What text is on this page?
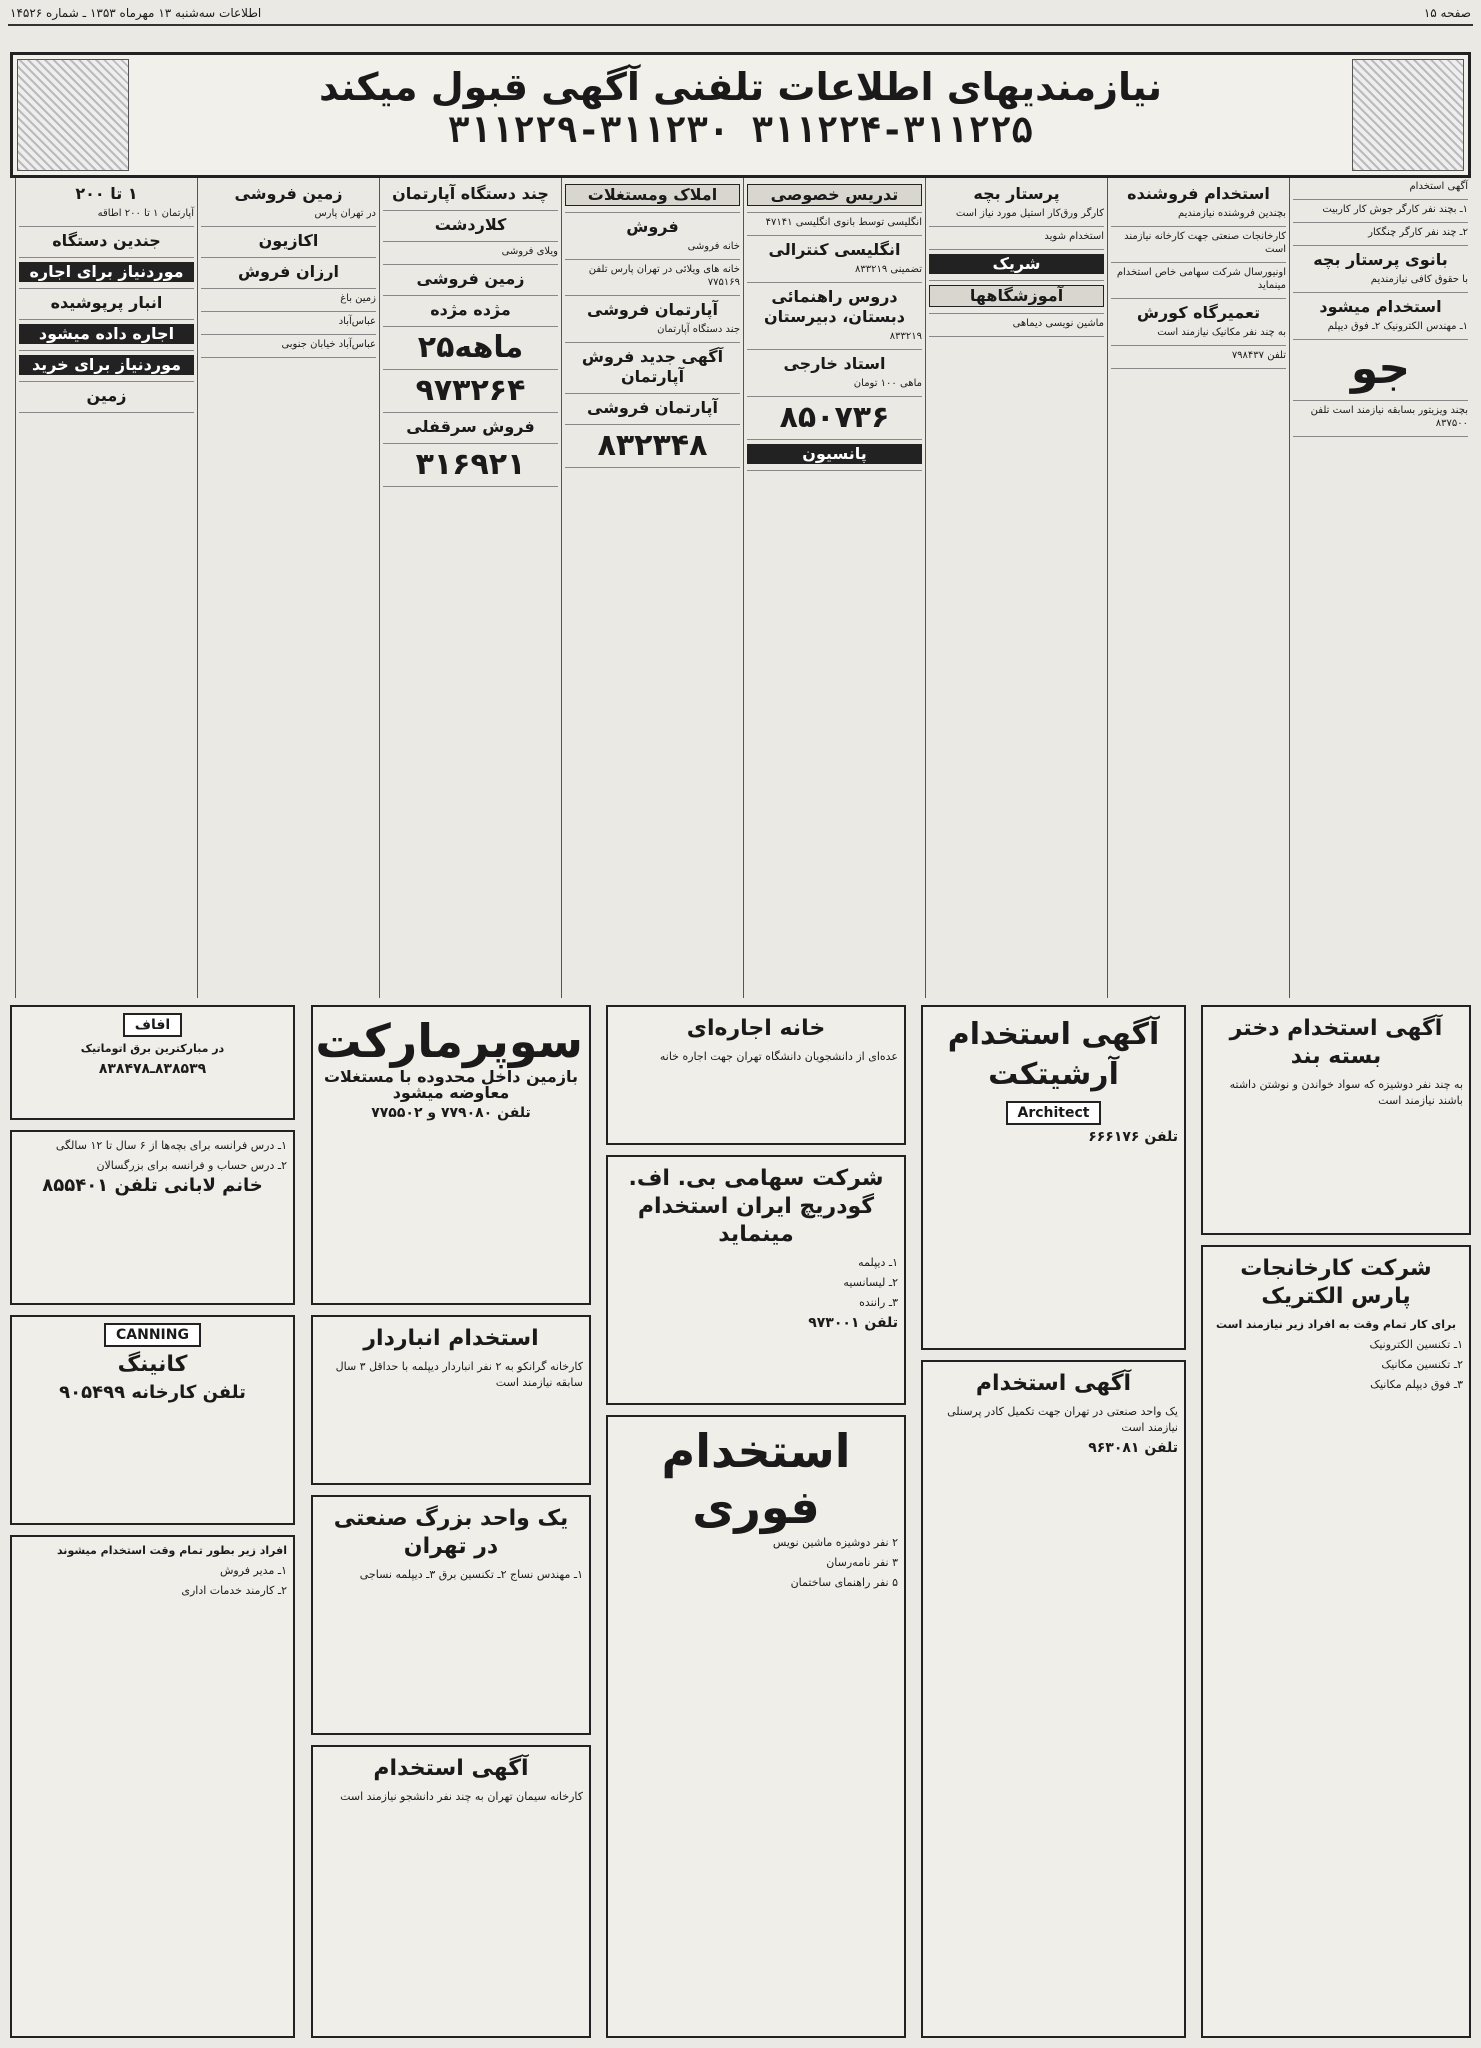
صفحه ۱۵
اطلاعات سه‌شنبه ۱۳ مهرماه ۱۳۵۳ ـ شماره ۱۴۵۲۶
نیازمندیهای اطلاعات تلفنی آگهی قبول میکند
۳۱۱۲۲۴-۳۱۱۲۲۵ ۳۱۱۲۲۹-۳۱۱۲۳۰

آگهی استخدام

۱ـ بچند نفر کارگر جوش کار کاربیت

۲ـ چند نفر کارگر چنگکار

بانوی پرستار بچه

با حقوق کافی نیازمندیم

استخدام میشود

۱ـ مهندس الکترونیک ۲ـ فوق دیپلم

جو

بچند ویزیتور بسابقه نیازمند است تلفن ۸۳۷۵۰۰

استخدام فروشنده

بچندین فروشنده نیازمندیم

کارخانجات صنعتی جهت کارخانه نیازمند است

اونیورسال شرکت سهامی خاص استخدام مینماید

تعمیرگاه کورش

به چند نفر مکانیک نیازمند است

تلفن ۷۹۸۴۳۷

پرستار بچه

کارگر ورق‌کار استیل مورد نیاز است

استخدام شوید

شریک
آموزشگاهها

ماشین نویسی دیماهی

تدریس خصوصی

انگلیسی توسط بانوی انگلیسی ۴۷۱۴۱

انگلیسی کنترالی

تضمینی ۸۳۳۲۱۹

دروس راهنمائی دبستان، دبیرستان

۸۳۳۲۱۹

استاد خارجی

ماهی ۱۰۰ تومان

۸۵۰۷۳۶
پانسیون
املاک ومستغلات
فروش

خانه فروشی

خانه های ویلائی در تهران پارس تلفن ۷۷۵۱۶۹

آپارتمان فروشی

جند دستگاه آپارتمان

آگهی جدید فروش آپارتمان
آپارتمان فروشی
۸۳۲۳۴۸
چند دستگاه آپارتمان
کلاردشت

ویلای فروشی

زمین فروشی
مژده مژده
۲۵ماهه
۹۷۳۲۶۴
فروش سرقفلی
۳۱۶۹۲۱
زمین فروشی

در تهران پارس

اکازیون
ارزان فروش

زمین باغ

عباس‌آباد

عباس‌آباد خیابان جنوبی

۱ تا ۲۰۰

آپارتمان ۱ تا ۲۰۰ اطاقه

جندین دستگاه
موردنیاز برای اجاره
انبار پرپوشیده
اجاره داده میشود
موردنیاز برای خرید
زمین
آگهی استخدام دختر بسته بند

به چند نفر دوشیزه که سواد خواندن و نوشتن داشته باشند نیازمند است

شرکت کارخانجات پارس الکتریک

برای کار تمام وقت به افراد زیر نیازمند است

۱ـ تکنسین الکترونیک

۲ـ تکنسین مکانیک

۳ـ فوق دیپلم مکانیک

آگهی استخدام آرشیتکت

Architect

تلفن ۶۶۶۱۷۶

آگهی استخدام

یک واحد صنعتی در تهران جهت تکمیل کادر پرسنلی نیازمند است

تلفن ۹۶۳۰۸۱

خانه اجاره‌ای

عده‌ای از دانشجویان دانشگاه تهران جهت اجاره خانه

شرکت سهامی بی. اف. گودریچ ایران استخدام مینماید

۱ـ دیپلمه

۲ـ لیسانسیه

۳ـ راننده

تلفن ۹۷۳۰۰۱

استخدام فوری

۲ نفر دوشیزه ماشین نویس

۳ نفر نامه‌رسان

۵ نفر راهنمای ساختمان

سوپرمارکت

بازمین داخل محدوده با مستغلات معاوضه میشود

تلفن ۷۷۹۰۸۰ و ۷۷۵۵۰۲

استخدام انباردار

کارخانه گرانکو به ۲ نفر انباردار دیپلمه با حداقل ۳ سال سابقه نیازمند است

یک واحد بزرگ صنعتی در تهران

۱ـ مهندس نساج ۲ـ تکنسین برق ۳ـ دیپلمه نساجی

آگهی استخدام

کارخانه سیمان تهران به چند نفر دانشجو نیازمند است

افاف

در مبارکترین برق اتوماتیک

۸۳۸۵۳۹ـ۸۳۸۴۷۸

۱ـ درس فرانسه برای بچه‌ها از ۶ سال تا ۱۲ سالگی

۲ـ درس حساب و فرانسه برای بزرگسالان

خانم لابانی تلفن ۸۵۵۴۰۱

CANNING

کانینگ

تلفن کارخانه ۹۰۵۴۹۹

افراد زیر بطور تمام وقت استخدام میشوند

۱ـ مدیر فروش

۲ـ کارمند خدمات اداری
